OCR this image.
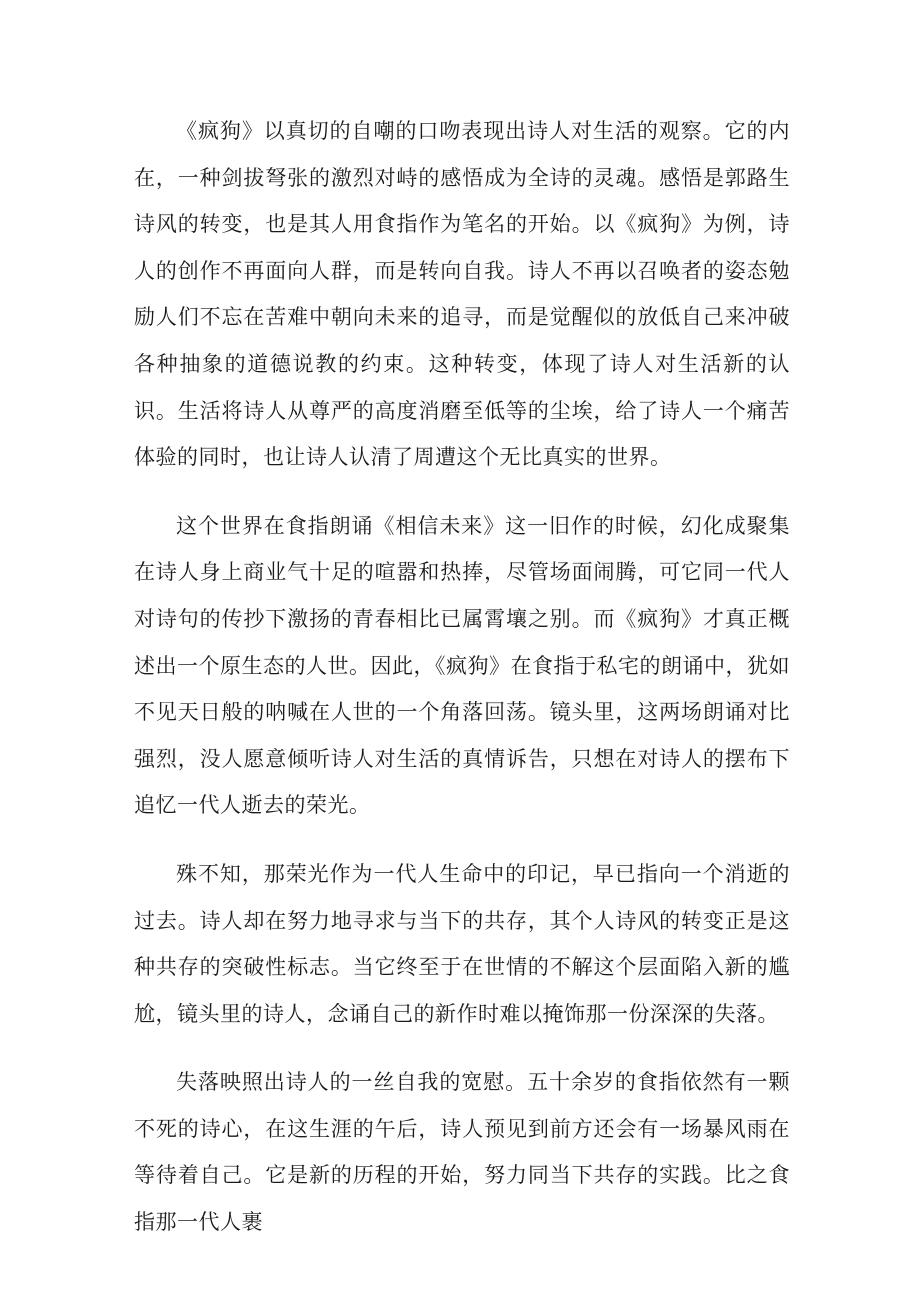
《疯狗》以真切的自嘲的口吻表现出诗人对生活的观察。它的内在，一种剑拔弩张的激烈对峙的感悟成为全诗的灵魂。感悟是郭路生诗风的转变，也是其人用食指作为笔名的开始。以《疯狗》为例，诗人的创作不再面向人群，而是转向自我。诗人不再以召唤者的姿态勉励人们不忘在苦难中朝向未来的追寻，而是觉醒似的放低自己来冲破各种抽象的道德说教的约束。这种转变，体现了诗人对生活新的认识。生活将诗人从尊严的高度消磨至低等的尘埃，给了诗人一个痛苦体验的同时，也让诗人认清了周遭这个无比真实的世界。

这个世界在食指朗诵《相信未来》这一旧作的时候，幻化成聚集在诗人身上商业气十足的喧嚣和热捧，尽管场面闹腾，可它同一代人对诗句的传抄下激扬的青春相比已属霄壤之别。而《疯狗》才真正概述出一个原生态的人世。因此，《疯狗》在食指于私宅的朗诵中，犹如不见天日般的呐喊在人世的一个角落回荡。镜头里，这两场朗诵对比强烈，没人愿意倾听诗人对生活的真情诉告，只想在对诗人的摆布下追忆一代人逝去的荣光。

殊不知，那荣光作为一代人生命中的印记，早已指向一个消逝的过去。诗人却在努力地寻求与当下的共存，其个人诗风的转变正是这种共存的突破性标志。当它终至于在世情的不解这个层面陷入新的尴尬，镜头里的诗人，念诵自己的新作时难以掩饰那一份深深的失落。

失落映照出诗人的一丝自我的宽慰。五十余岁的食指依然有一颗不死的诗心，在这生涯的午后，诗人预见到前方还会有一场暴风雨在等待着自己。它是新的历程的开始，努力同当下共存的实践。比之食指那一代人裹
